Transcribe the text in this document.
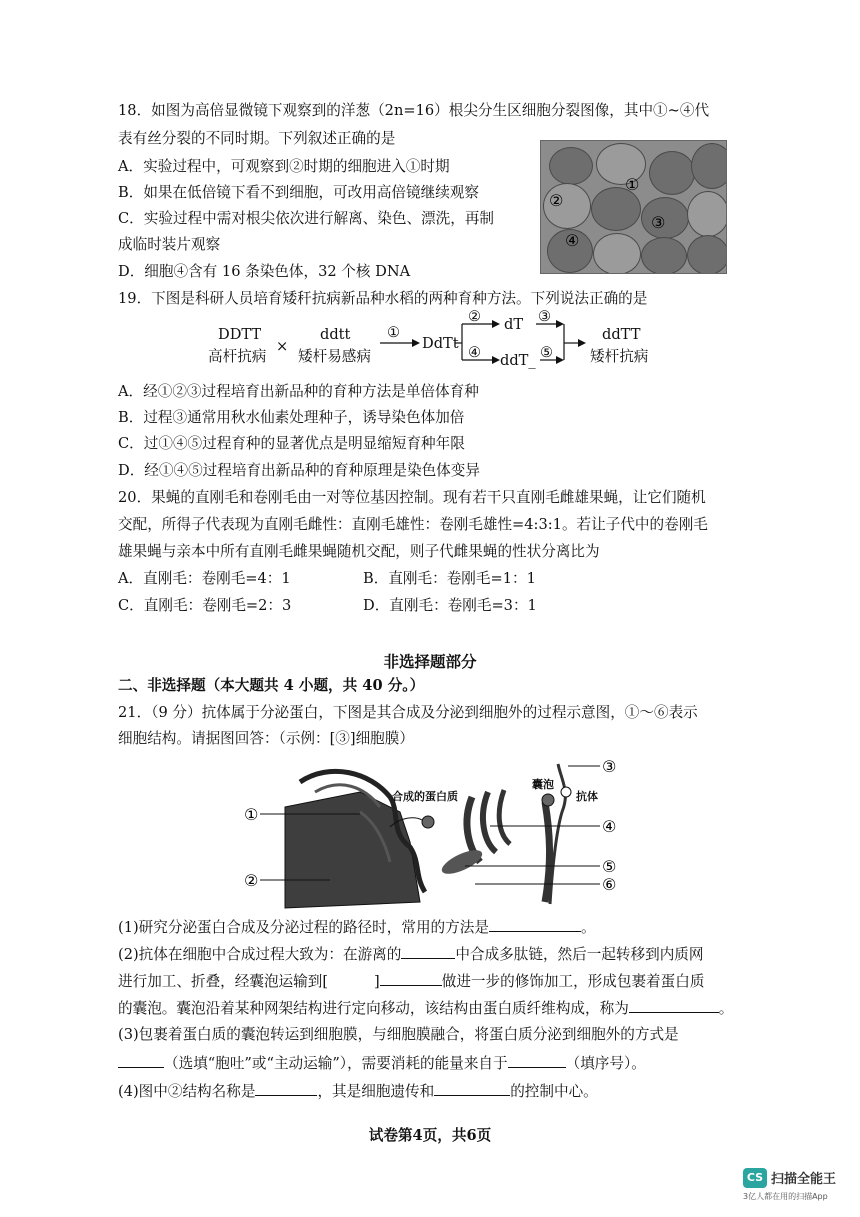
18．如图为高倍显微镜下观察到的洋葱（2n=16）根尖分生区细胞分裂图像，其中①~④代
表有丝分裂的不同时期。下列叙述正确的是
A．实验过程中，可观察到②时期的细胞进入①时期
B．如果在低倍镜下看不到细胞，可改用高倍镜继续观察
C．实验过程中需对根尖依次进行解离、染色、漂洗，再制
成临时装片观察
D．细胞④含有 16 条染色体，32 个核 DNA
①
②
③
④
19．下图是科研人员培育矮秆抗病新品种水稻的两种育种方法。下列说法正确的是
DDTT
高杆抗病
×
ddtt
矮杆易感病
①
DdTt
② dT ③
④ ddT_ ⑤
ddTT
矮杆抗病
A．经①②③过程培育出新品种的育种方法是单倍体育种
B．过程③通常用秋水仙素处理种子，诱导染色体加倍
C．过①④⑤过程育种的显著优点是明显缩短育种年限
D．经①④⑤过程培育出新品种的育种原理是染色体变异
20．果蝇的直刚毛和卷刚毛由一对等位基因控制。现有若干只直刚毛雌雄果蝇，让它们随机
交配，所得子代表现为直刚毛雌性：直刚毛雄性：卷刚毛雄性=4:3:1。若让子代中的卷刚毛
雄果蝇与亲本中所有直刚毛雌果蝇随机交配，则子代雌果蝇的性状分离比为
A．直刚毛：卷刚毛=4：1	B．直刚毛：卷刚毛=1：1
C．直刚毛：卷刚毛=2：3	D．直刚毛：卷刚毛=3：1
非选择题部分
二、非选择题（本大题共 4 小题，共 40 分。）
21．（9 分）抗体属于分泌蛋白，下图是其合成及分泌到细胞外的过程示意图，①～⑥表示
细胞结构。请据图回答：（示例：[③]细胞膜）
①
②
③
④
⑤
⑥
合成的蛋白质
囊泡
抗体
(1)研究分泌蛋白合成及分泌过程的路径时，常用的方法是	。
(2)抗体在细胞中合成过程大致为：在游离的	中合成多肽链，然后一起转移到内质网
进行加工、折叠，经囊泡运输到[	]	做进一步的修饰加工，形成包裹着蛋白质
的囊泡。囊泡沿着某种网架结构进行定向移动，该结构由蛋白质纤维构成，称为	。
(3)包裹着蛋白质的囊泡转运到细胞膜，与细胞膜融合，将蛋白质分泌到细胞外的方式是
（选填“胞吐”或“主动运输”），需要消耗的能量来自于	（填序号）。
(4)图中②结构名称是	，其是细胞遗传和	的控制中心。
试卷第4页，共6页
CS 扫描全能王
3亿人都在用的扫描App
